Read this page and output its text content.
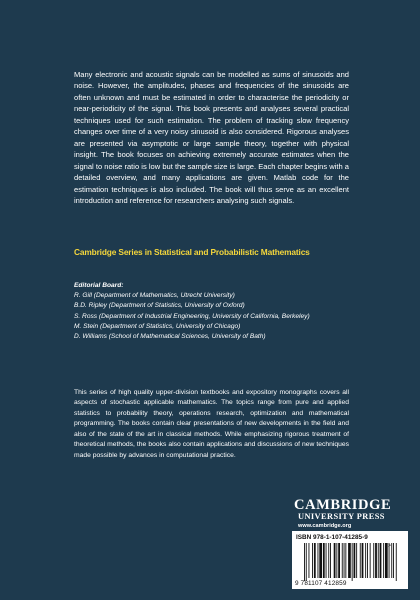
Many electronic and acoustic signals can be modelled as sums of sinusoids and noise. However, the amplitudes, phases and frequencies of the sinusoids are often unknown and must be estimated in order to characterise the periodicity or near-periodicity of the signal. This book presents and analyses several practical techniques used for such estimation. The problem of tracking slow frequency changes over time of a very noisy sinusoid is also considered. Rigorous analyses are presented via asymptotic or large sample theory, together with physical insight. The book focuses on achieving extremely accurate estimates when the signal to noise ratio is low but the sample size is large. Each chapter begins with a detailed overview, and many applications are given. Matlab code for the estimation techniques is also included. The book will thus serve as an excellent introduction and reference for researchers analysing such signals.

Cambridge Series in Statistical and Probabilistic Mathematics

Editorial Board:

R. Gill (Department of Mathematics, Utrecht University)
B.D. Ripley (Department of Statistics, University of Oxford)
S. Ross (Department of Industrial Engineering, University of California, Berkeley)
M. Stein (Department of Statistics, University of Chicago)
D. Williams (School of Mathematical Sciences, University of Bath)

This series of high quality upper-division textbooks and expository monographs covers all aspects of stochastic applicable mathematics. The topics range from pure and applied statistics to probability theory, operations research, optimization and mathematical programming. The books contain clear presentations of new developments in the field and also of the state of the art in classical methods. While emphasizing rigorous treatment of theoretical methods, the books also contain applications and discussions of new techniques made possible by advances in computational practice.

CAMBRIDGE
UNIVERSITY PRESS
www.cambridge.org
ISBN 978-1-107-41285-9
9 781107 412859
>
